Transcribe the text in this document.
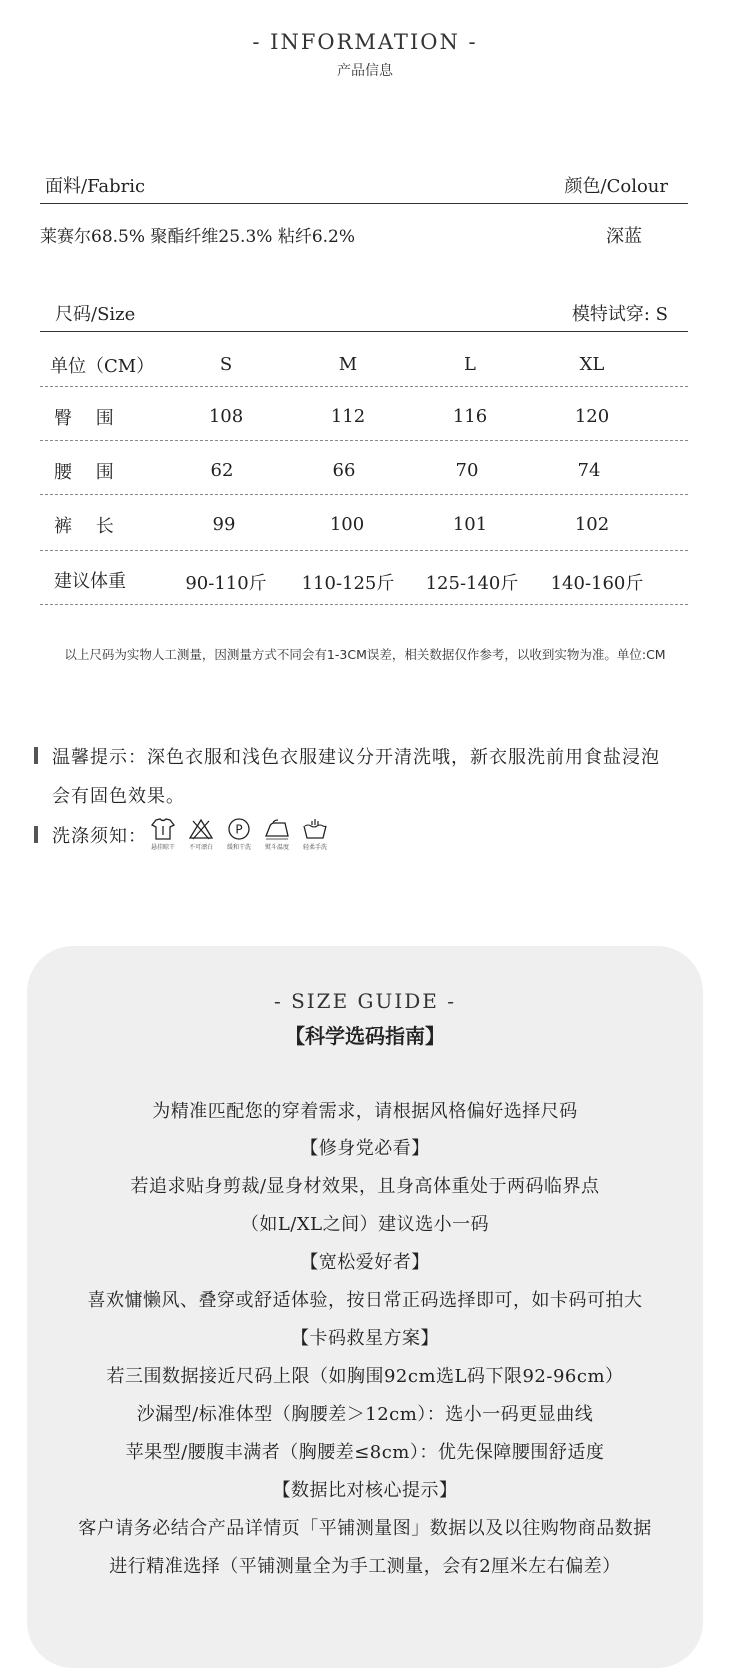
- INFORMATION -
产品信息
面料/Fabric	颜色/Colour
莱赛尔68.5% 聚酯纤维25.3% 粘纤6.2%	深蓝
尺码/Size	模特试穿: S
单位（CM）	S	M	L	XL
臀　 围	108	112	116	120
腰　 围	62	66	70	74
裤　 长	99	100	101	102
建议体重	90-110斤	110-125斤	125-140斤	140-160斤
以上尺码为实物人工测量，因测量方式不同会有1-3CM误差，相关数据仅作参考，以收到实物为准。单位:CM
温馨提示：深色衣服和浅色衣服建议分开清洗哦，新衣服洗前用食盐浸泡
会有固色效果。
洗涤须知：
悬挂晾干	不可漂白
P
缓和干洗	熨斗温度	轻柔手洗
- SIZE GUIDE -
【科学选码指南】
为精准匹配您的穿着需求，请根据风格偏好选择尺码
【修身党必看】
若追求贴身剪裁/显身材效果，且身高体重处于两码临界点
（如L/XL之间）建议选小一码
【宽松爱好者】
喜欢慵懒风、叠穿或舒适体验，按日常正码选择即可，如卡码可拍大
【卡码救星方案】
若三围数据接近尺码上限（如胸围92cm选L码下限92-96cm）
沙漏型/标准体型（胸腰差＞12cm）：选小一码更显曲线
苹果型/腰腹丰满者（胸腰差≤8cm）：优先保障腰围舒适度
【数据比对核心提示】
客户请务必结合产品详情页「平铺测量图」数据以及以往购物商品数据
进行精准选择（平铺测量全为手工测量，会有2厘米左右偏差）
